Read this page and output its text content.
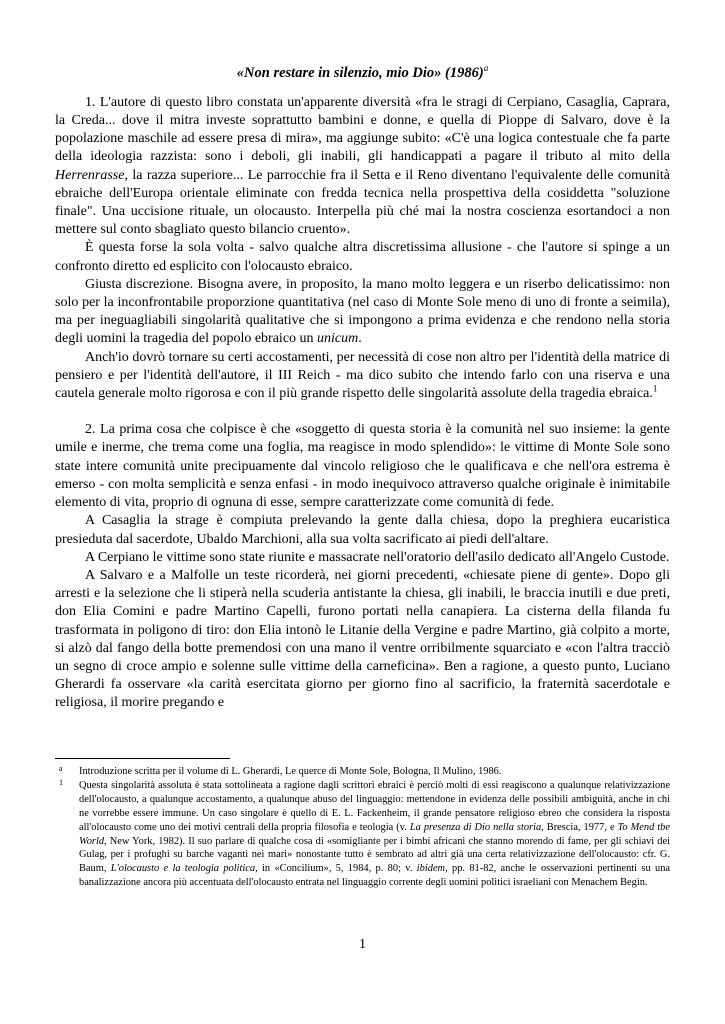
«Non restare in silenzio, mio Dio» $(1986)^a$

1. L'autore di questo libro constata un'apparente diversità «fra le stragi di Cerpiano, Casaglia, Caprara, la Creda... dove il mitra investe soprattutto bambini e donne, e quella di Pioppe di Salvaro, dove è la popolazione maschile ad essere presa di mira», ma aggiunge subito: «C'è una logica contestuale che fa parte della ideologia razzista: sono i deboli, gli inabili, gli handicappati a pagare il tributo al mito della Herrenrasse, la razza superiore... Le parrocchie fra il Setta e il Reno diventano l'equivalente delle comunità ebraiche dell'Europa orientale eliminate con fredda tecnica nella prospettiva della cosiddetta "soluzione finale". Una uccisione rituale, un olocausto. Interpella più ché mai la nostra coscienza esortandoci a non mettere sul conto sbagliato questo bilancio cruento».

È questa forse la sola volta - salvo qualche altra discretissima allusione - che l'autore si spinge a un confronto diretto ed esplicito con l'olocausto ebraico.

Giusta discrezione. Bisogna avere, in proposito, la mano molto leggera e un riserbo delicatissimo: non solo per la inconfrontabile proporzione quantitativa (nel caso di Monte Sole meno di uno di fronte a seimila), ma per ineguagliabili singolarità qualitative che si impongono a prima evidenza e che rendono nella storia degli uomini la tragedia del popolo ebraico un unicum.

Anch'io dovrò tornare su certi accostamenti, per necessità di cose non altro per l'identità della matrice di pensiero e per l'identità dell'autore, il III Reich - ma dico subito che intendo farlo con una riserva e una cautela generale molto rigorosa e con il più grande rispetto delle singolarità assolute della tragedia ebraica.$^1$

2. La prima cosa che colpisce è che «soggetto di questa storia è la comunità nel suo insieme: la gente umile e inerme, che trema come una foglia, ma reagisce in modo splendido»: le vittime di Monte Sole sono state intere comunità unite precipuamente dal vincolo religioso che le qualificava e che nell'ora estrema è emerso - con molta semplicità e senza enfasi - in modo inequivoco attraverso qualche originale è inimitabile elemento di vita, proprio di ognuna di esse, sempre caratterizzate come comunità di fede.

A Casaglia la strage è compiuta prelevando la gente dalla chiesa, dopo la preghiera eucaristica presieduta dal sacerdote, Ubaldo Marchioni, alla sua volta sacrificato ai piedi dell'altare.

A Cerpiano le vittime sono state riunite e massacrate nell'oratorio dell'asilo dedicato all'Angelo Custode.

A Salvaro e a Malfolle un teste ricorderà, nei giorni precedenti, «chiesate piene di gente». Dopo gli arresti e la selezione che li stiperà nella scuderia antistante la chiesa, gli inabili, le braccia inutili e due preti, don Elia Comini e padre Martino Capelli, furono portati nella canapiera. La cisterna della filanda fu trasformata in poligono di tiro: don Elia intonò le Litanie della Vergine e padre Martino, già colpito a morte, si alzò dal fango della botte premendosi con una mano il ventre orribilmente squarciato e «con l'altra tracciò un segno di croce ampio e solenne sulle vittime della carneficina». Ben a ragione, a questo punto, Luciano Gherardi fa osservare «la carità esercitata giorno per giorno fino al sacrificio, la fraternità sacerdotale e religiosa, il morire pregando e

a Introduzione scritta per il volume di L. Gherardi, Le querce di Monte Sole, Bologna, Il Mulino, 1986.

1 Questa singolarità assoluta è stata sottolineata a ragione dagli scrittori ebraici è perciò molti di essi reagiscono a qualunque relativizzazione dell'olocausto, a qualunque accostamento, a qualunque abuso del linguaggio: mettendone in evidenza delle possibili ambiguità, anche in chi ne vorrebbe essere immune. Un caso singolare è quello di E. L. Fackenheim, il grande pensatore religioso ebreo che considera la risposta all'olocausto come uno dei motivi centrali della propria filosofia e teologia (v. La presenza di Dio nella storia, Brescia, 1977, e To Mend tbe World, New York, 1982). Il suo parlare di qualche cosa di «somigliante per i bimbi africani che stanno morendo di fame, per gli schiavi dei Gulag, per i profughi su barche vaganti nei mari» nonostante tutto è sembrato ad altri già una certa relativizzazione dell'olocausto: cfr. G. Baum, L'olocausto e la teologia politica, in «Concilium», 5, 1984, p. 80; v. ibidem, pp. 81-82, anche le osservazioni pertinenti su una banalizzazione ancora più accentuata dell'olocausto entrata nel linguaggio corrente degli uomini politici israeliani con Menachem Begin.

1
